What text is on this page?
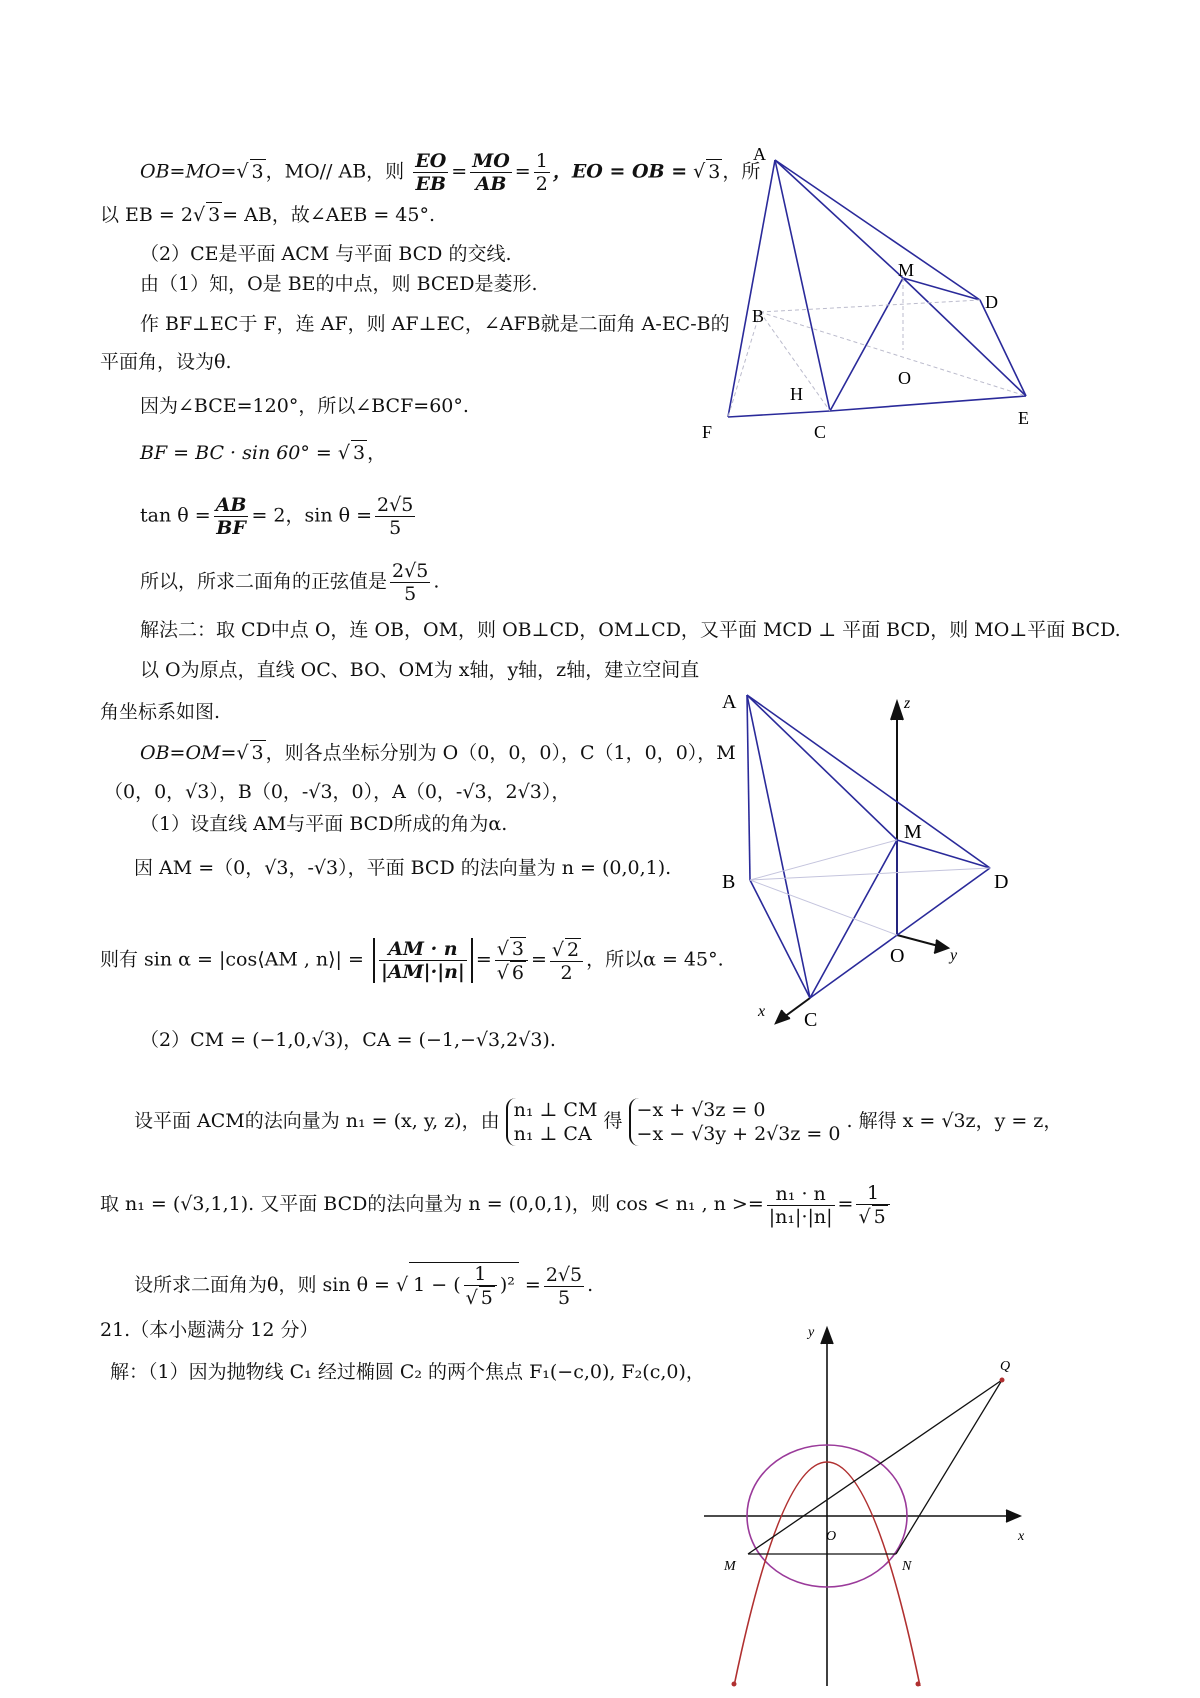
OB=MO=√ 3 ，MO// AB，则 $\frac{EO}{EB} = \frac{MO}{AB} = \frac{1}{2}$ ，EO = OB = √ 3 ，所
以 EB = 2√ 3 = AB，故∠AEB = 45°.
（2）CE是平面 ACM 与平面 BCD 的交线.
由（1）知，O是 BE的中点，则 BCED是菱形.
作 BF⊥EC于 F，连 AF，则 AF⊥EC，∠AFB就是二面角 A-EC-B的
平面角，设为θ.
因为∠BCE=120°，所以∠BCF=60°.
BF = BC · sin 60° = √ 3 ，
$\tan \theta = \frac{AB}{BF} = 2$，$\sin \theta = \frac{2√5}{5}$
所以，所求二面角的正弦值是 $\frac{2√5}{5}$ .
解法二：取 CD中点 O，连 OB，OM，则 OB⊥CD，OM⊥CD，又平面 MCD ⊥ 平面 BCD，则 MO⊥平面 BCD.
以 O为原点，直线 OC、BO、OM为 x轴，y轴，z轴，建立空间直
角坐标系如图.
OB=OM=√ 3 ，则各点坐标分别为 O（0，0，0），C（1，0，0），M
（0，0，√3），B（0，-√3，0），A（0，-√3，2√3），
（1）设直线 AM与平面 BCD所成的角为α.
因 AM =（0，√3，-√3），平面 BCD 的法向量为 n = (0,0,1).
则有 sin α = |cos⟨AM , n⟩| = $\frac{AM \cdot n}{|AM|\cdot|n|} = \frac{√ 3}{√ 6} = \frac{√ 2}{2}$ ，所以α = 45°.
（2）CM = (−1,0,√3)，CA = (−1,−√3,2√3).
设平面 ACM的法向量为 n₁ = (x, y, z)，由 n₁ ⊥ CM
n₁ ⊥ CA
得 −x + √3z = 0
−x − √3y + 2√3z = 0
. 解得 x = √3z，y = z，
取 n₁ = (√3,1,1). 又平面 BCD的法向量为 n = (0,0,1)，则 cos < n₁ , $n >= \frac{\text{n₁ · n}}{\text{|n₁|·|n|}} = \frac{1}{√ 5}$
设所求二面角为θ，则 sin θ = √ 1 − ( $\frac{1}{√ 5} )^2 = \frac{2√5}{5}$ .
21.（本小题满分 12 分）
解：（1）因为抛物线 C₁ 经过椭圆 C₂ 的两个焦点 F₁(−c,0), F₂(c,0)，
A
B
M
D
H
O
F	C
E
A	z
M
B	D
O	y
x C
y
Q
O	x
M	N
